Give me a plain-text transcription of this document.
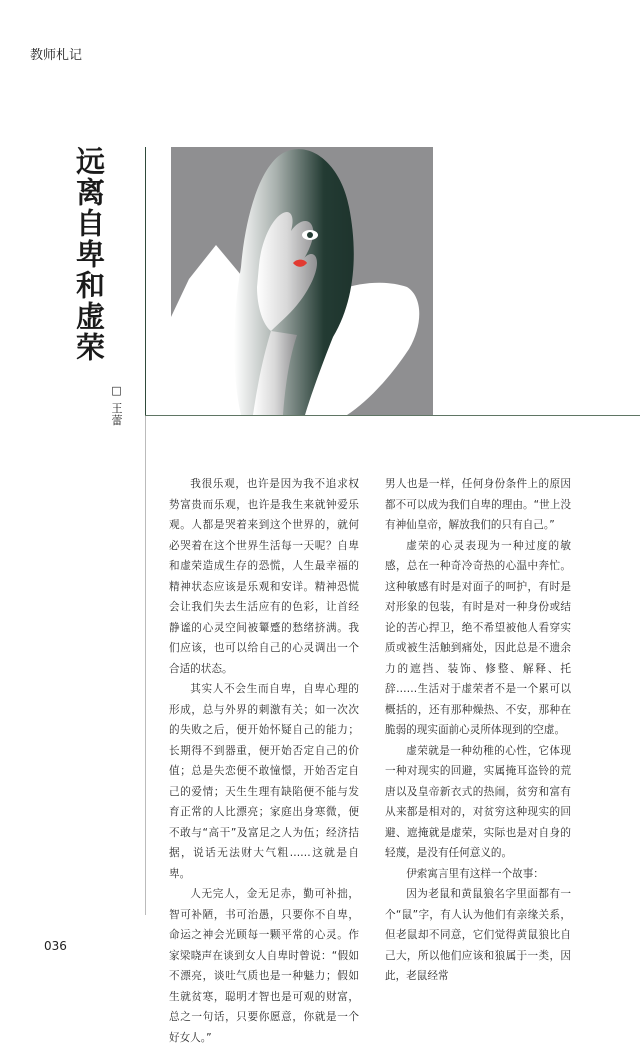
教师札记
远离自卑和虚荣
□ 王蕾

我很乐观，也许是因为我不追求权势富贵而乐观，也许是我生来就钟爱乐观。人都是哭着来到这个世界的，就何必哭着在这个世界生活每一天呢？自卑和虚荣造成生存的恐慌，人生最幸福的精神状态应该是乐观和安详。精神恐慌会让我们失去生活应有的色彩，让首经静谧的心灵空间被颦蹙的愁绪挤满。我们应该，也可以给自己的心灵调出一个合适的状态。

其实人不会生而自卑，自卑心理的形成，总与外界的刺激有关；如一次次的失败之后，便开始怀疑自己的能力；长期得不到器重，便开始否定自己的价值；总是失恋便不敢憧憬，开始否定自己的爱情；天生生理有缺陷便不能与发育正常的人比漂亮；家庭出身寒微，便不敢与“高干”及富足之人为伍；经济拮据，说话无法财大气粗……这就是自卑。

人无完人，金无足赤，勤可补拙，智可补陋，书可治愚，只要你不自卑，命运之神会光顾每一颗平常的心灵。作家梁晓声在谈到女人自卑时曾说：“假如不漂亮，谈吐气质也是一种魅力；假如生就贫寒，聪明才智也是可观的财富，总之一句话，只要你愿意，你就是一个好女人。”

男人也是一样，任何身份条件上的原因都不可以成为我们自卑的理由。“世上没有神仙皇帝，解放我们的只有自己。”

虚荣的心灵表现为一种过度的敏感，总在一种奇冷奇热的心温中奔忙。这种敏感有时是对面子的呵护，有时是对形象的包装，有时是对一种身份或结论的苦心捍卫，绝不希望被他人看穿实质或被生活触到痛处，因此总是不遗余力的遮挡、装饰、修整、解释、托辞……生活对于虚荣者不是一个累可以概括的，还有那种燥热、不安，那种在脆弱的现实面前心灵所体现到的空虚。

虚荣就是一种幼稚的心性，它体现一种对现实的回避，实属掩耳盗铃的荒唐以及皇帝新衣式的热闹，贫穷和富有从来都是相对的，对贫穷这种现实的回避、遮掩就是虚荣，实际也是对自身的轻蔑，是没有任何意义的。

伊索寓言里有这样一个故事：

因为老鼠和黄鼠狼名字里面都有一个“鼠”字，有人认为他们有亲缘关系，但老鼠却不同意，它们觉得黄鼠狼比自己大，所以他们应该和狼属于一类，因此，老鼠经常

036
